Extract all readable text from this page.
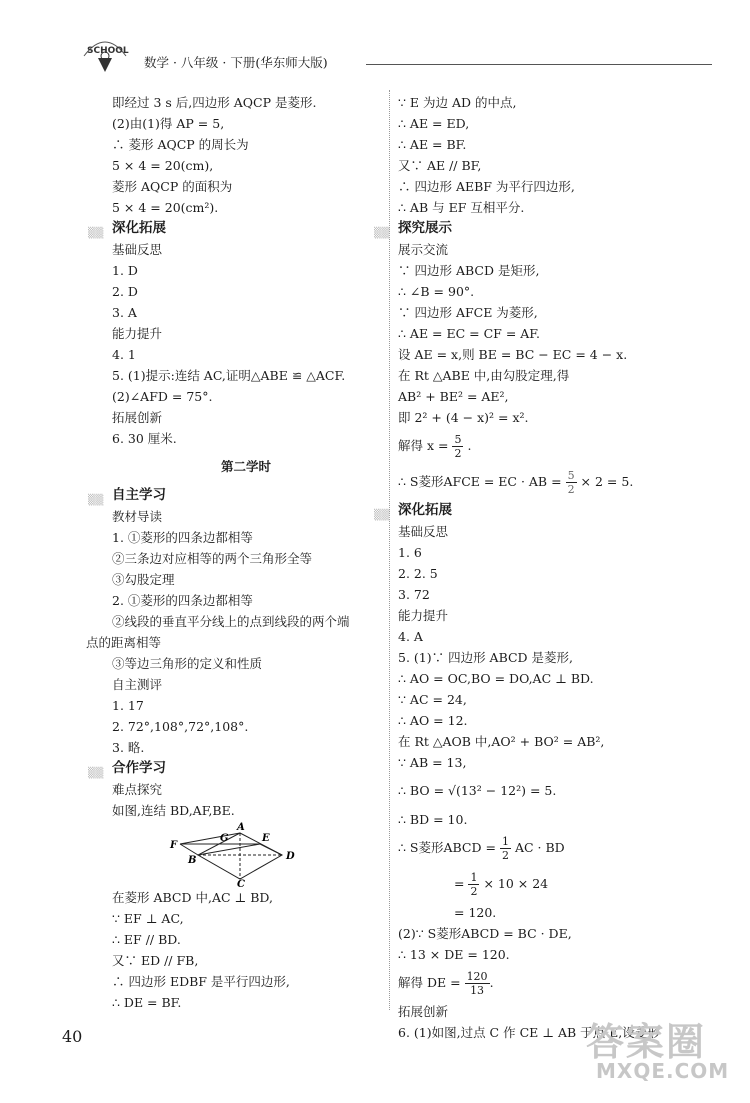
SCHOOL
数学 · 八年级 · 下册(华东师大版)
即经过 3 s 后,四边形 AQCP 是菱形.
(2)由(1)得 AP = 5,
∴ 菱形 AQCP 的周长为
5 × 4 = 20(cm),
菱形 AQCP 的面积为
5 × 4 = 20(cm²).
▒▒ 深化拓展
基础反思
1. D
2. D
3. A
能力提升
4. 1
5. (1)提示:连结 AC,证明△ABE ≌ △ACF.
(2)∠AFD = 75°.
拓展创新
6. 30 厘米.
第二学时
▒▒ 自主学习
教材导读
1. ①菱形的四条边都相等
②三条边对应相等的两个三角形全等
③勾股定理
2. ①菱形的四条边都相等
②线段的垂直平分线上的点到线段的两个端
点的距离相等
③等边三角形的定义和性质
自主测评
1. 17
2. 72°,108°,72°,108°.
3. 略.
▒▒ 合作学习
难点探究
如图,连结 BD,AF,BE.
A
B
C
D
E
F
G
在菱形 ABCD 中,AC ⊥ BD,
∵ EF ⊥ AC,
∴ EF // BD.
又∵ ED // FB,
∴ 四边形 EDBF 是平行四边形,
∴ DE = BF.
∵ E 为边 AD 的中点,
∴ AE = ED,
∴ AE = BF.
又∵ AE // BF,
∴ 四边形 AEBF 为平行四边形,
∴ AB 与 EF 互相平分.
▒▒ 探究展示
展示交流
∵ 四边形 ABCD 是矩形,
∴ ∠B = 90°.
∵ 四边形 AFCE 为菱形,
∴ AE = EC = CF = AF.
设 AE = x,则 BE = BC − EC = 4 − x.
在 Rt △ABE 中,由勾股定理,得
AB² + BE² = AE²,
即 2² + (4 − x)² = x².
解得 $x = \frac{5}{2}$ .
∴ S菱形AFCE = EC · AB = $\frac{5}{2} \times 2 = 5$.
▒▒ 深化拓展
基础反思
1. 6
2. 2. 5
3. 72
能力提升
4. A
5. (1)∵ 四边形 ABCD 是菱形,
∴ AO = OC,BO = DO,AC ⊥ BD.
∵ AC = 24,
∴ AO = 12.
在 Rt △AOB 中,AO² + BO² = AB²,
∵ AB = 13,
∴ BO = √(13² − 12²) = 5.
∴ BD = 10.
∴ S菱形ABCD = $\frac{1}{2}$ AC · BD
= $\frac{1}{2} \times 10 \times 24$
= 120.
(2)∵ S菱形ABCD = BC · DE,
∴ 13 × DE = 120.
解得 DE = $\frac{120}{13}$ .
拓展创新
6. (1)如图,过点 C 作 CE ⊥ AB 于点 E,设菱形
40	答案圈
MXQE.COM
